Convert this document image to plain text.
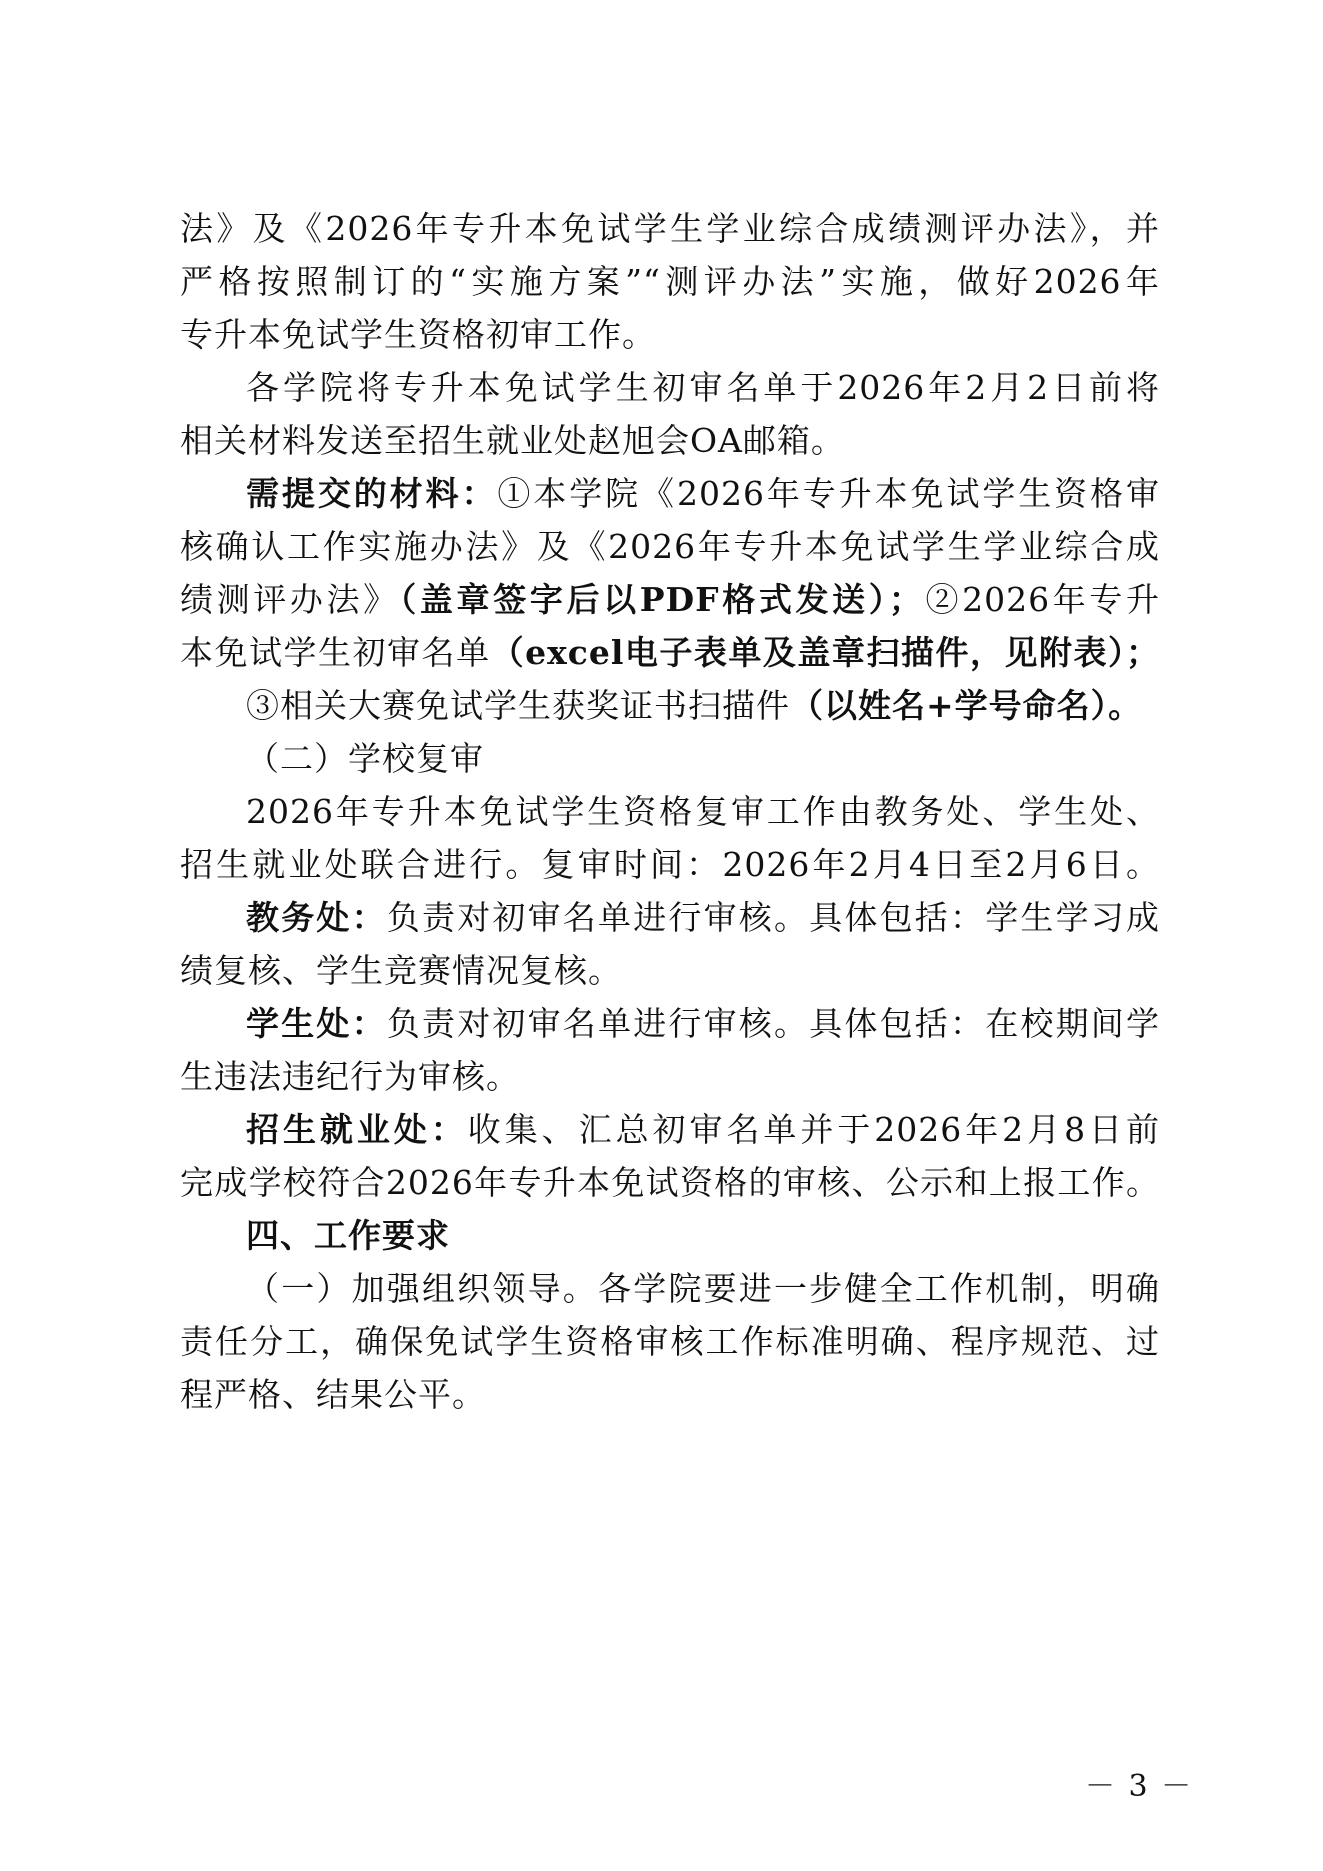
法》及《2026年专升本免试学生学业综合成绩测评办法》，并
严格按照制订的“实施方案”“测评办法”实施，做好2026年
专升本免试学生资格初审工作。
各学院将专升本免试学生初审名单于2026年2月2日前将
相关材料发送至招生就业处赵旭会OA邮箱。
需提交的材料：①本学院《2026年专升本免试学生资格审
核确认工作实施办法》及《2026年专升本免试学生学业综合成
绩测评办法》（盖章签字后以PDF格式发送）；②2026年专升
本免试学生初审名单（excel电子表单及盖章扫描件，见附表）；
③相关大赛免试学生获奖证书扫描件（以姓名+学号命名）。
（二）学校复审
2026年专升本免试学生资格复审工作由教务处、学生处、
招生就业处联合进行。复审时间：2026年2月4日至2月6日。
教务处：负责对初审名单进行审核。具体包括：学生学习成
绩复核、学生竞赛情况复核。
学生处：负责对初审名单进行审核。具体包括：在校期间学
生违法违纪行为审核。
招生就业处：收集、汇总初审名单并于2026年2月8日前
完成学校符合2026年专升本免试资格的审核、公示和上报工作。
四、工作要求
（一）加强组织领导。各学院要进一步健全工作机制，明确
责任分工，确保免试学生资格审核工作标准明确、程序规范、过
程严格、结果公平。
－ 3 －
